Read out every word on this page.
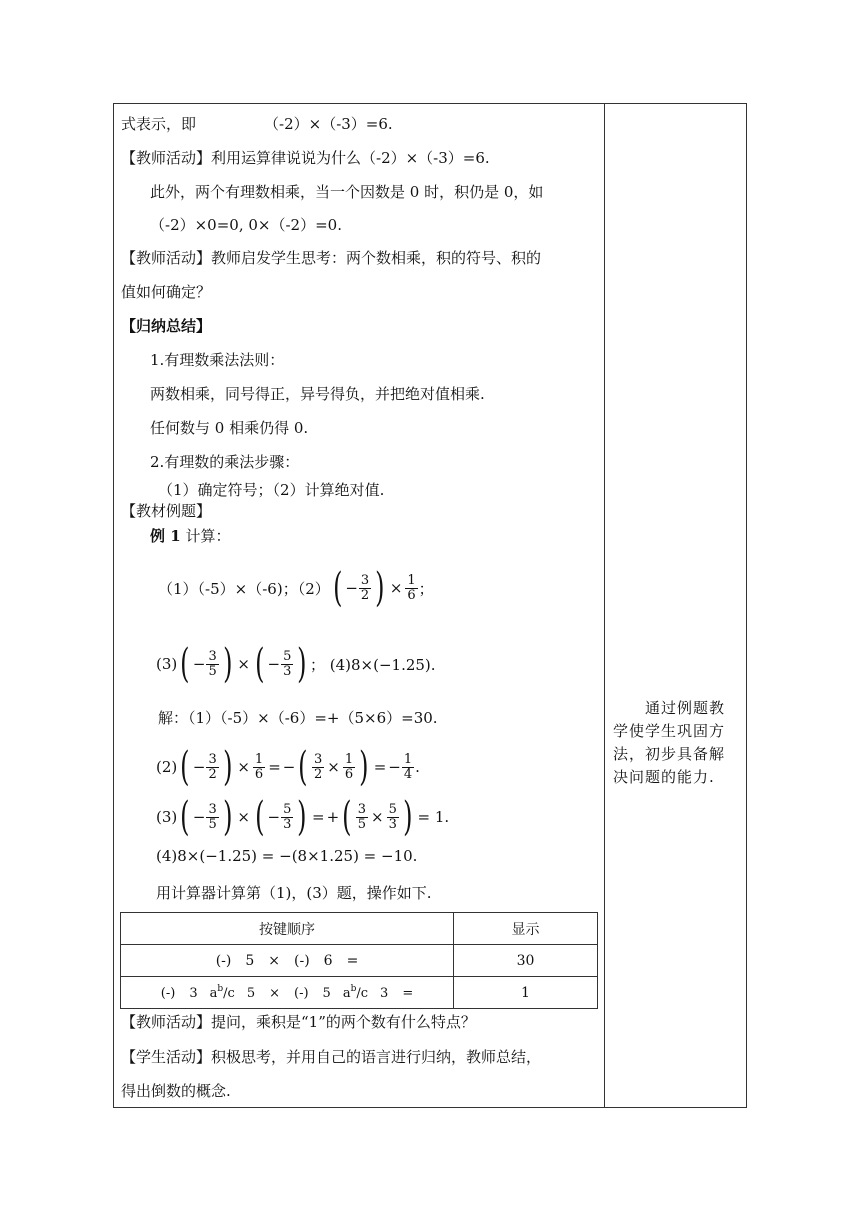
式表示，即	（-2）×（-3）=6.
【教师活动】利用运算律说说为什么（-2）×（-3）=6.
此外，两个有理数相乘，当一个因数是 0 时，积仍是 0，如
（-2）×0=0, 0×（-2）=0.
【教师活动】教师启发学生思考：两个数相乘，积的符号、积的
值如何确定？
【归纳总结】
1.有理数乘法法则：
两数相乘，同号得正，异号得负，并把绝对值相乘.
任何数与 0 相乘仍得 0.
2.有理数的乘法步骤：
（1）确定符号；（2）计算绝对值.
【教材例题】
例 1 计算：
（1）（-5）×（-6)；（2） ( − $\frac{3}{2}$ ) × $\frac{1}{6}$ ；
(3) ( − $\frac{3}{5}$ ) × ( − $\frac{5}{3}$ ) ； (4)8×(−1.25).
解：（1）（-5）×（-6）=+（5×6）=30.
(2) ( − $\frac{3}{2}$ ) × $\frac{1}{6}$ = − ( $\frac{3}{2} \times \frac{1}{6}$ ) = − $\frac{1}{4}$ .
(3) ( − $\frac{3}{5}$ ) × ( − $\frac{5}{3}$ ) = + ( $\frac{3}{5} \times \frac{5}{3}$ ) = 1.
(4)8×(−1.25) = −(8×1.25) = −10.
用计算器计算第（1)，(3）题，操作如下.
按键顺序	显示
(-) 5 × (-) 6 =	30
(-) 3 $a^b/c$ 5 × (-) 5 $a^b/c$ 3 =	1
【教师活动】提问，乘积是“1”的两个数有什么特点？
【学生活动】积极思考，并用自己的语言进行归纳，教师总结，
得出倒数的概念.
通过例题教
学使学生巩固方
法，初步具备解
决问题的能力.
